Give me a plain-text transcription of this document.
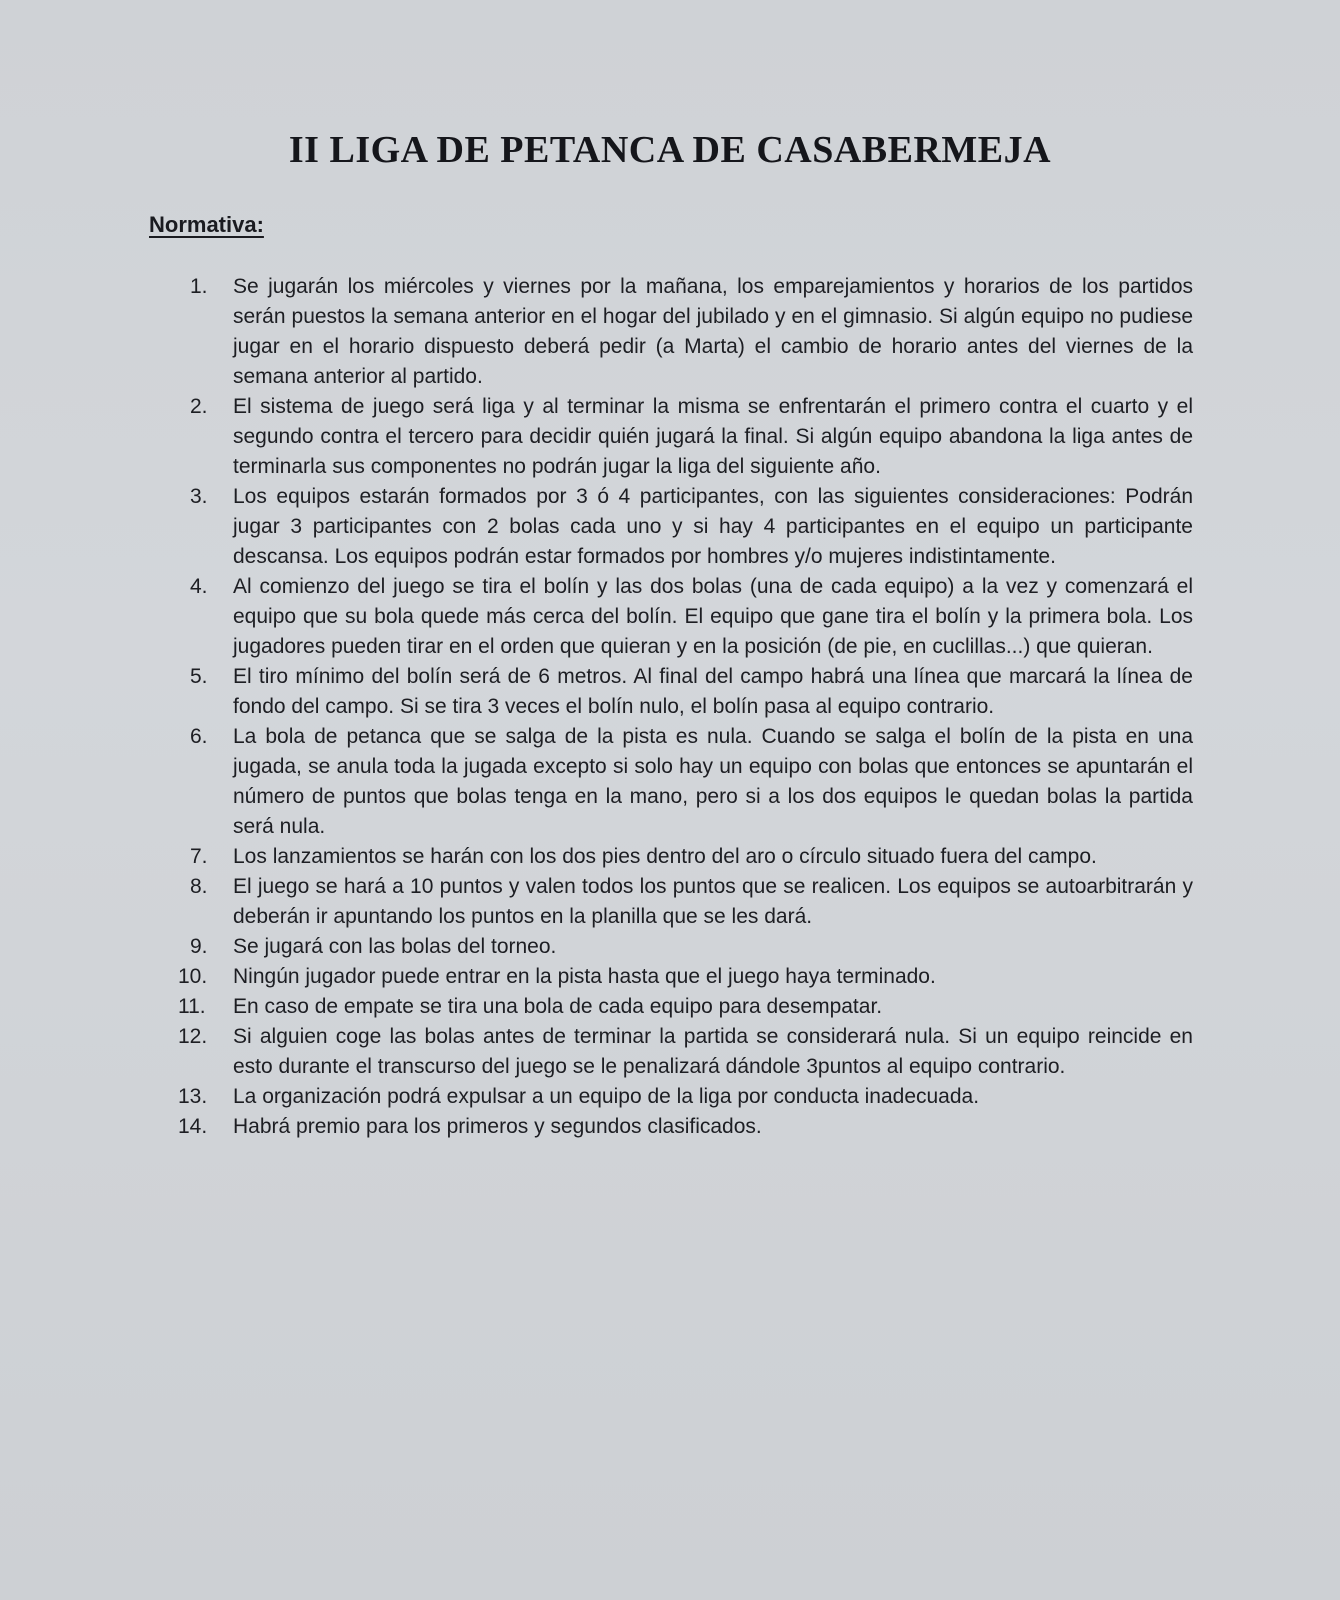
II LIGA DE PETANCA DE CASABERMEJA
Normativa:
1.	Se jugarán los miércoles y viernes por la mañana, los emparejamientos y horarios de los partidos serán puestos la semana anterior en el hogar del jubilado y en el gimnasio. Si algún equipo no pudiese jugar en el horario dispuesto deberá pedir (a Marta) el cambio de horario antes del viernes de la semana anterior al partido.
2.	El sistema de juego será liga y al terminar la misma se enfrentarán el primero contra el cuarto y el segundo contra el tercero para decidir quién jugará la final. Si algún equipo abandona la liga antes de terminarla sus componentes no podrán jugar la liga del siguiente año.
3.	Los equipos estarán formados por 3 ó 4 participantes, con las siguientes consideraciones: Podrán jugar 3 participantes con 2 bolas cada uno y si hay 4 participantes en el equipo un participante descansa. Los equipos podrán estar formados por hombres y/o mujeres indistintamente.
4.	Al comienzo del juego se tira el bolín y las dos bolas (una de cada equipo) a la vez y comenzará el equipo que su bola quede más cerca del bolín. El equipo que gane tira el bolín y la primera bola. Los jugadores pueden tirar en el orden que quieran y en la posición (de pie, en cuclillas...) que quieran.
5.	El tiro mínimo del bolín será de 6 metros. Al final del campo habrá una línea que marcará la línea de fondo del campo. Si se tira 3 veces el bolín nulo, el bolín pasa al equipo contrario.
6.	La bola de petanca que se salga de la pista es nula. Cuando se salga el bolín de la pista en una jugada, se anula toda la jugada excepto si solo hay un equipo con bolas que entonces se apuntarán el número de puntos que bolas tenga en la mano, pero si a los dos equipos le quedan bolas la partida será nula.
7.	Los lanzamientos se harán con los dos pies dentro del aro o círculo situado fuera del campo.
8.	El juego se hará a 10 puntos y valen todos los puntos que se realicen. Los equipos se autoarbitrarán y deberán ir apuntando los puntos en la planilla que se les dará.
9.	Se jugará con las bolas del torneo.
10.	Ningún jugador puede entrar en la pista hasta que el juego haya terminado.
11.	En caso de empate se tira una bola de cada equipo para desempatar.
12.	Si alguien coge las bolas antes de terminar la partida se considerará nula. Si un equipo reincide en esto durante el transcurso del juego se le penalizará dándole 3puntos al equipo contrario.
13.	La organización podrá expulsar a un equipo de la liga por conducta inadecuada.
14.	Habrá premio para los primeros y segundos clasificados.
